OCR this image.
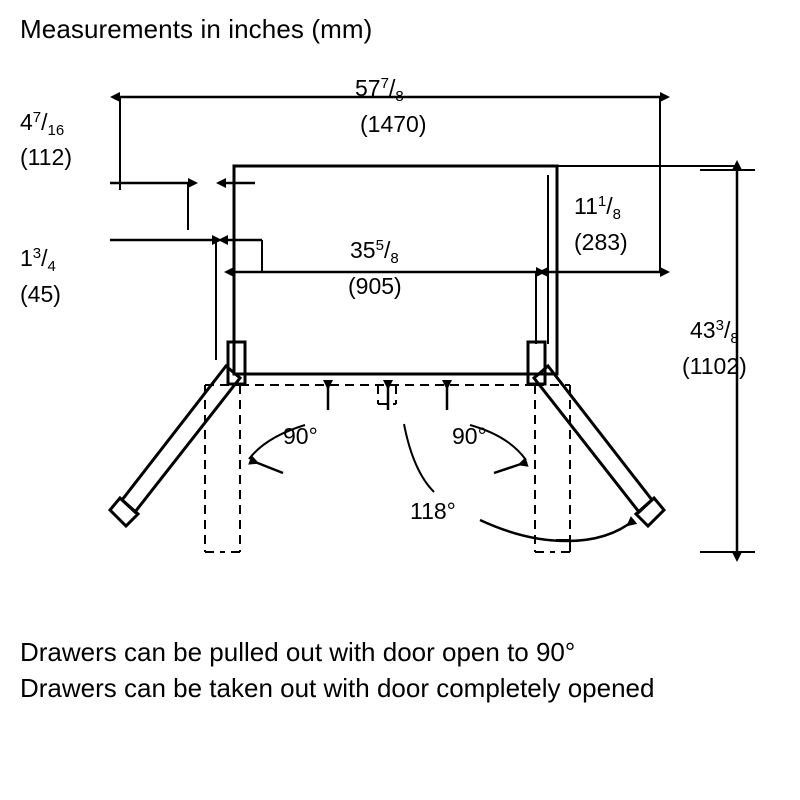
Measurements in inches (mm)
$57^7/_8$
(1470)
$4^7/_{16}$
(112)
$1^3/_4$
(45)
$35^5/_8$
(905)
$11^1/_8$
(283)
$43^3/_8$
(1102)
90°	90°
118°
Drawers can be pulled out with door open to 90°
Drawers can be taken out with door completely opened
